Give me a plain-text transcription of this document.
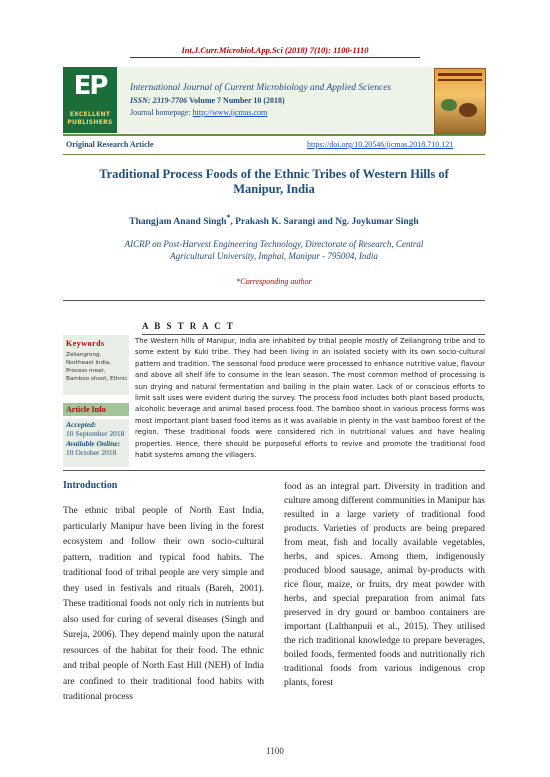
Int.J.Curr.Microbiol.App.Sci (2018) 7(10): 1100-1110
EP
EXCELLENT
PUBLISHERS
International Journal of Current Microbiology and Applied Sciences
ISSN: 2319-7706 Volume 7 Number 10 (2018)
Journal homepage: http://www.ijcmas.com
Original Research Article	https://doi.org/10.20546/ijcmas.2018.710.121
Traditional Process Foods of the Ethnic Tribes of Western Hills of
Manipur, India
Thangjam Anand Singh*, Prakash K. Sarangi and Ng. Joykumar Singh
AICRP on Post-Harvest Engineering Technology, Directorate of Research, Central
Agricultural University, Imphal, Manipur - 795004, India
*Corresponding author
A B S T R A C T
Keywords
Zeliangrong, Northeast India, Process meat, Bamboo shoot, Ethnic
Article Info
Accepted:
10 September 2018
Available Online:
10 October 2018
The Western hills of Manipur, India are inhabited by tribal people mostly of Zeliangrong tribe and to some extent by Kuki tribe. They had been living in an isolated society with its own socio-cultural pattern and tradition. The seasonal food produce were processed to enhance nutritive value, flavour and above all shelf life to consume in the lean season. The most common method of processing is sun drying and natural fermentation and boiling in the plain water. Lack of or conscious efforts to limit salt uses were evident during the survey. The process food includes both plant based products, alcoholic beverage and animal based process food. The bamboo shoot in various process forms was most important plant based food items as it was available in plenty in the vast bamboo forest of the region. These traditional foods were considered rich in nutritional values and have healing properties. Hence, there should be purposeful efforts to revive and promote the traditional food habit systems among the villagers.
Introduction
The ethnic tribal people of North East India, particularly Manipur have been living in the forest ecosystem and follow their own socio-cultural pattern, tradition and typical food habits. The traditional food of tribal people are very simple and they used in festivals and rituals (Bareh, 2001). These traditional foods not only rich in nutrients but also used for curing of several diseases (Singh and Sureja, 2006). They depend mainly upon the natural resources of the habitat for their food. The ethnic and tribal people of North East Hill (NEH) of India are confined to their traditional food habits with traditional process
food as an integral part. Diversity in tradition and culture among different communities in Manipur has resulted in a large variety of traditional food products. Varieties of products are being prepared from meat, fish and locally available vegetables, herbs, and spices. Among them, indigenously produced blood sausage, animal by-products with rice flour, maize, or fruits, dry meat powder with herbs, and special preparation from animal fats preserved in dry gourd or bamboo containers are important (Lalthanpuii et al., 2015). They utilised the rich traditional knowledge to prepare beverages, boiled foods, fermented foods and nutritionally rich traditional foods from various indigenous crop plants, forest
1100
